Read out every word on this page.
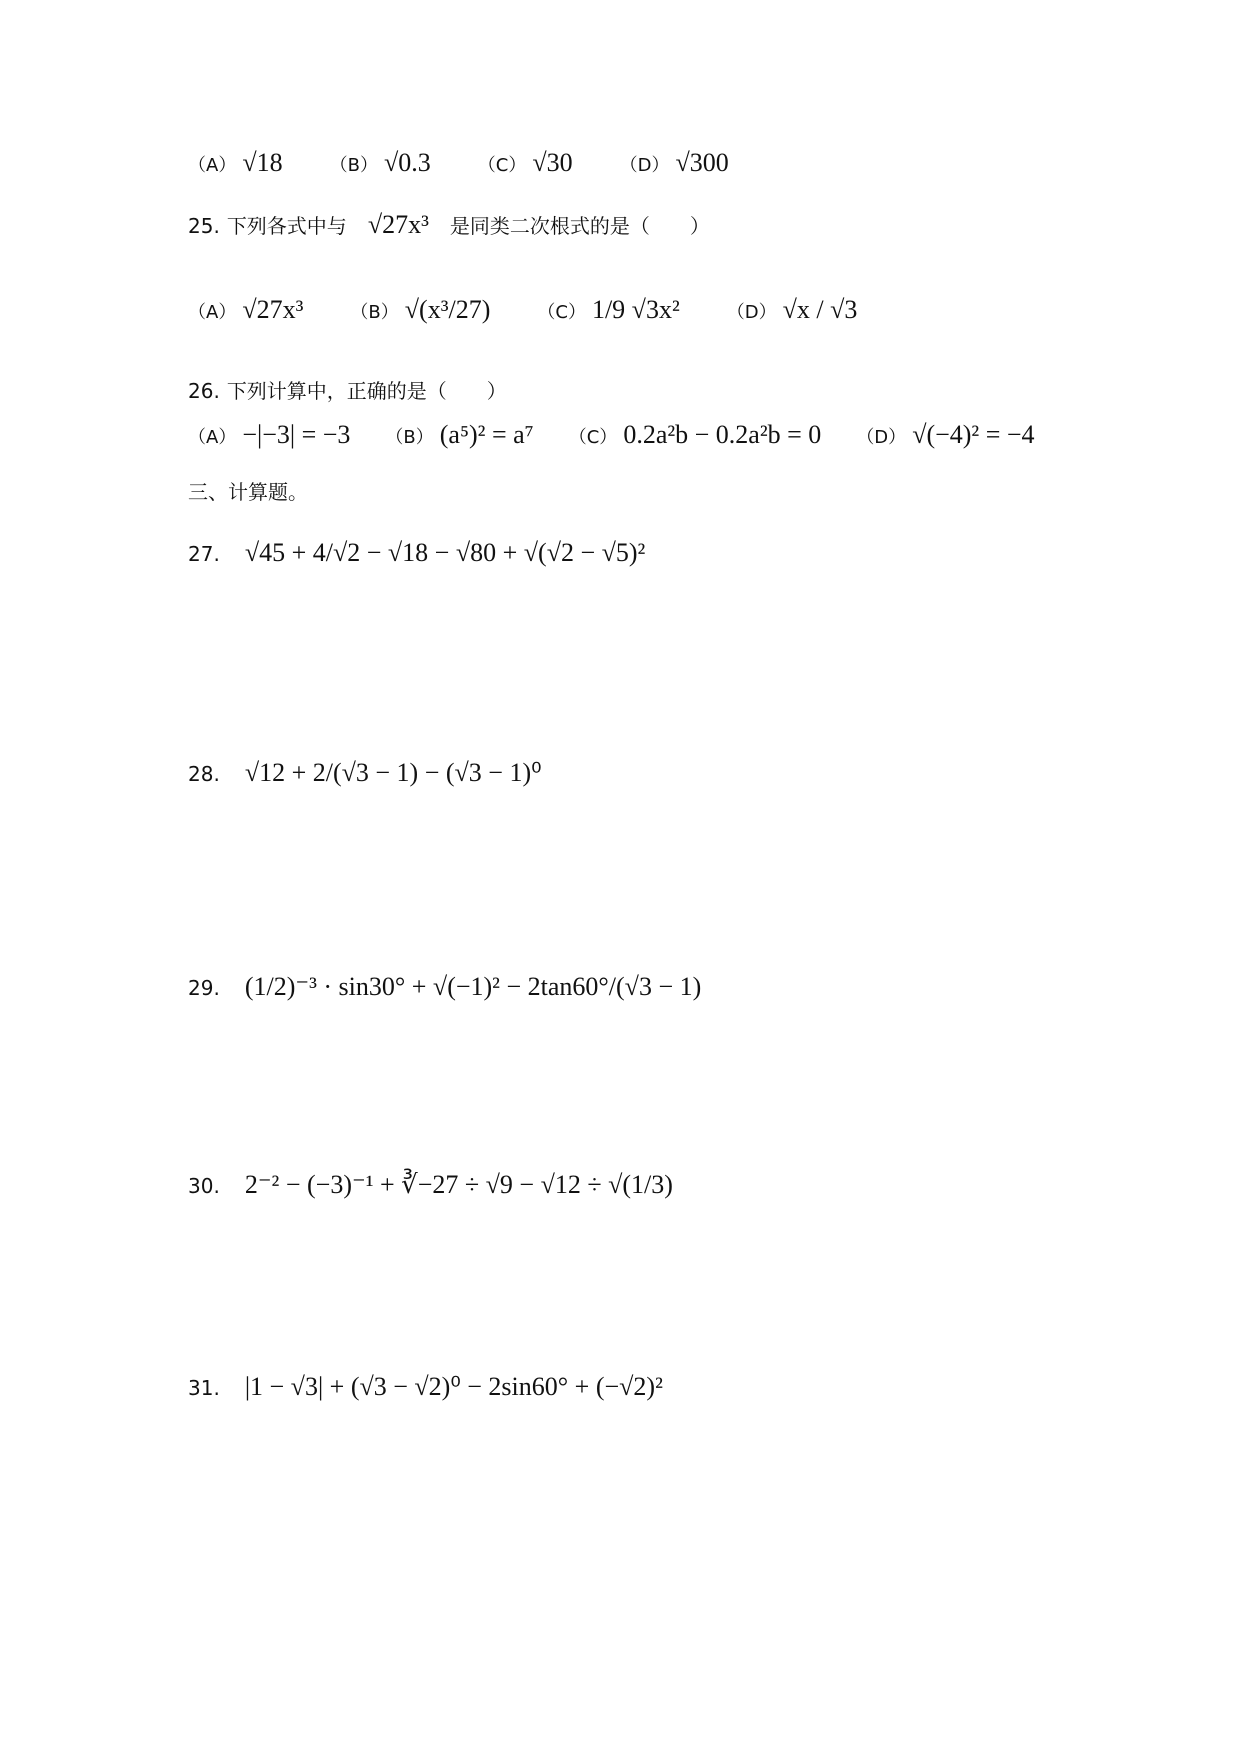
（A） √18	（B） √0.3	（C） √30	（D） √300
25. 下列各式中与 √27x³ 是同类二次根式的是（　　）
（A） √27x³	（B） √(x³/27)	（C） 1/9 √3x²	（D） √x / √3
26. 下列计算中，正确的是（　　）
（A） −|−3| = −3 （B） (a⁵)² = a⁷ （C） 0.2a²b − 0.2a²b = 0 （D） √(−4)² = −4
三、计算题。
27. √45 + 4/√2 − √18 − √80 + √(√2 − √5)²
28. √12 + 2/(√3 − 1) − (√3 − 1)⁰
29. (1/2)⁻³ · sin30° + √(−1)² − 2tan60°/(√3 − 1)
30. 2⁻² − (−3)⁻¹ + ∛−27 ÷ √9 − √12 ÷ √(1/3)
31. |1 − √3| + (√3 − √2)⁰ − 2sin60° + (−√2)²
